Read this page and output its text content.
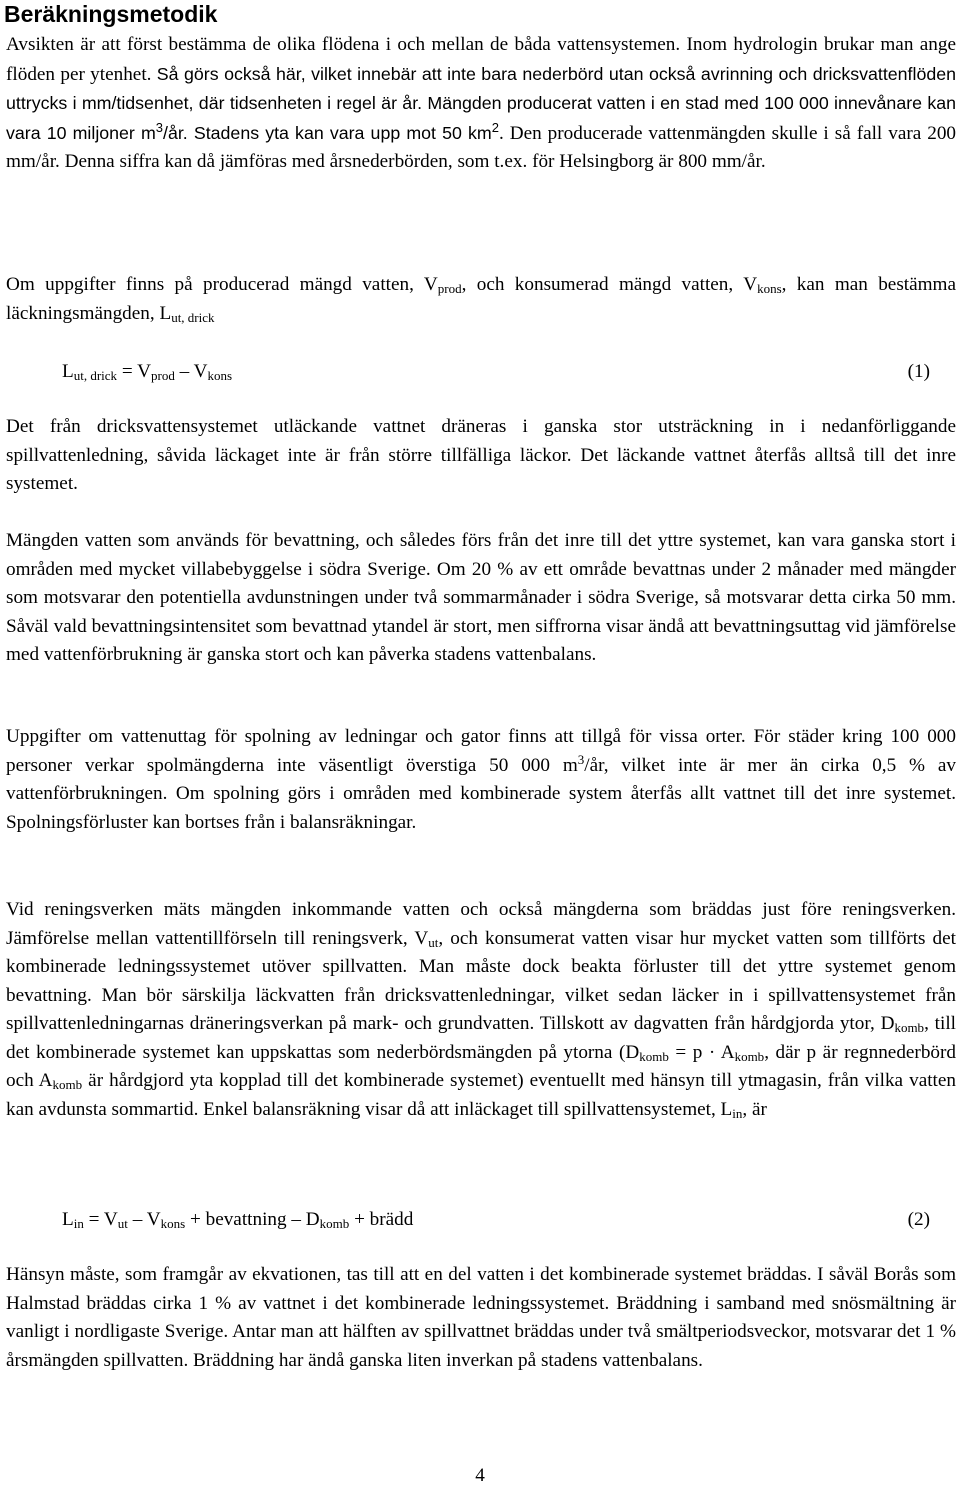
Beräkningsmetodik

Avsikten är att först bestämma de olika flödena i och mellan de båda vattensystemen. Inom hydrologin brukar man ange flöden per ytenhet. Så görs också här, vilket innebär att inte bara nederbörd utan också avrinning och dricksvattenflöden uttrycks i mm/tidsenhet, där tidsenheten i regel är år. Mängden producerat vatten i en stad med 100 000 innevånare kan vara 10 miljoner $m^3/år$. Stadens yta kan vara upp mot 50 $km^2$. Den producerade vattenmängden skulle i så fall vara 200 mm/år. Denna siffra kan då jämföras med årsnederbörden, som t.ex. för Helsingborg är 800 mm/år.

Om uppgifter finns på producerad mängd vatten, $V_{prod}$, och konsumerad mängd vatten, $V_{kons}$, kan man bestämma läckningsmängden, $L_{ut, drick}$

$L_{ut, drick} = V_{prod} - V_{kons}$	(1)

Det från dricksvattensystemet utläckande vattnet dräneras i ganska stor utsträckning in i nedanförliggande spillvattenledning, såvida läckaget inte är från större tillfälliga läckor. Det läckande vattnet återfås alltså till det inre systemet.

Mängden vatten som används för bevattning, och således förs från det inre till det yttre systemet, kan vara ganska stort i områden med mycket villabebyggelse i södra Sverige. Om 20 % av ett område bevattnas under 2 månader med mängder som motsvarar den potentiella avdunstningen under två sommarmånader i södra Sverige, så motsvarar detta cirka 50 mm. Såväl vald bevattningsintensitet som bevattnad ytandel är stort, men siffrorna visar ändå att bevattningsuttag vid jämförelse med vattenförbrukning är ganska stort och kan påverka stadens vattenbalans.

Uppgifter om vattenuttag för spolning av ledningar och gator finns att tillgå för vissa orter. För städer kring 100 000 personer verkar spolmängderna inte väsentligt överstiga 50 000 $m^3/år$, vilket inte är mer än cirka 0,5 % av vattenförbrukningen. Om spolning görs i områden med kombinerade system återfås allt vattnet till det inre systemet. Spolningsförluster kan bortses från i balansräkningar.

Vid reningsverken mäts mängden inkommande vatten och också mängderna som bräddas just före reningsverken. Jämförelse mellan vattentillförseln till reningsverk, $V_{ut}$, och konsumerat vatten visar hur mycket vatten som tillförts det kombinerade ledningssystemet utöver spillvatten. Man måste dock beakta förluster till det yttre systemet genom bevattning. Man bör särskilja läckvatten från dricksvattenledningar, vilket sedan läcker in i spillvattensystemet från spillvattenledningarnas dräneringsverkan på mark- och grundvatten. Tillskott av dagvatten från hårdgjorda ytor, $D_{komb}$, till det kombinerade systemet kan uppskattas som nederbördsmängden på ytorna ($D_{komb} = p \cdot A_{komb}$, där p är regnnederbörd och $A_{komb}$ är hårdgjord yta kopplad till det kombinerade systemet) eventuellt med hänsyn till ytmagasin, från vilka vatten kan avdunsta sommartid. Enkel balansräkning visar då att inläckaget till spillvattensystemet, $L_{in}$, är

$L_{in} = V_{ut} - V_{kons}$ + bevattning – $D_{komb}$ + brädd	(2)

Hänsyn måste, som framgår av ekvationen, tas till att en del vatten i det kombinerade systemet bräddas. I såväl Borås som Halmstad bräddas cirka 1 % av vattnet i det kombinerade ledningssystemet. Bräddning i samband med snösmältning är vanligt i nordligaste Sverige. Antar man att hälften av spillvattnet bräddas under två smältperiodsveckor, motsvarar det 1 % årsmängden spillvatten. Bräddning har ändå ganska liten inverkan på stadens vattenbalans.

4
